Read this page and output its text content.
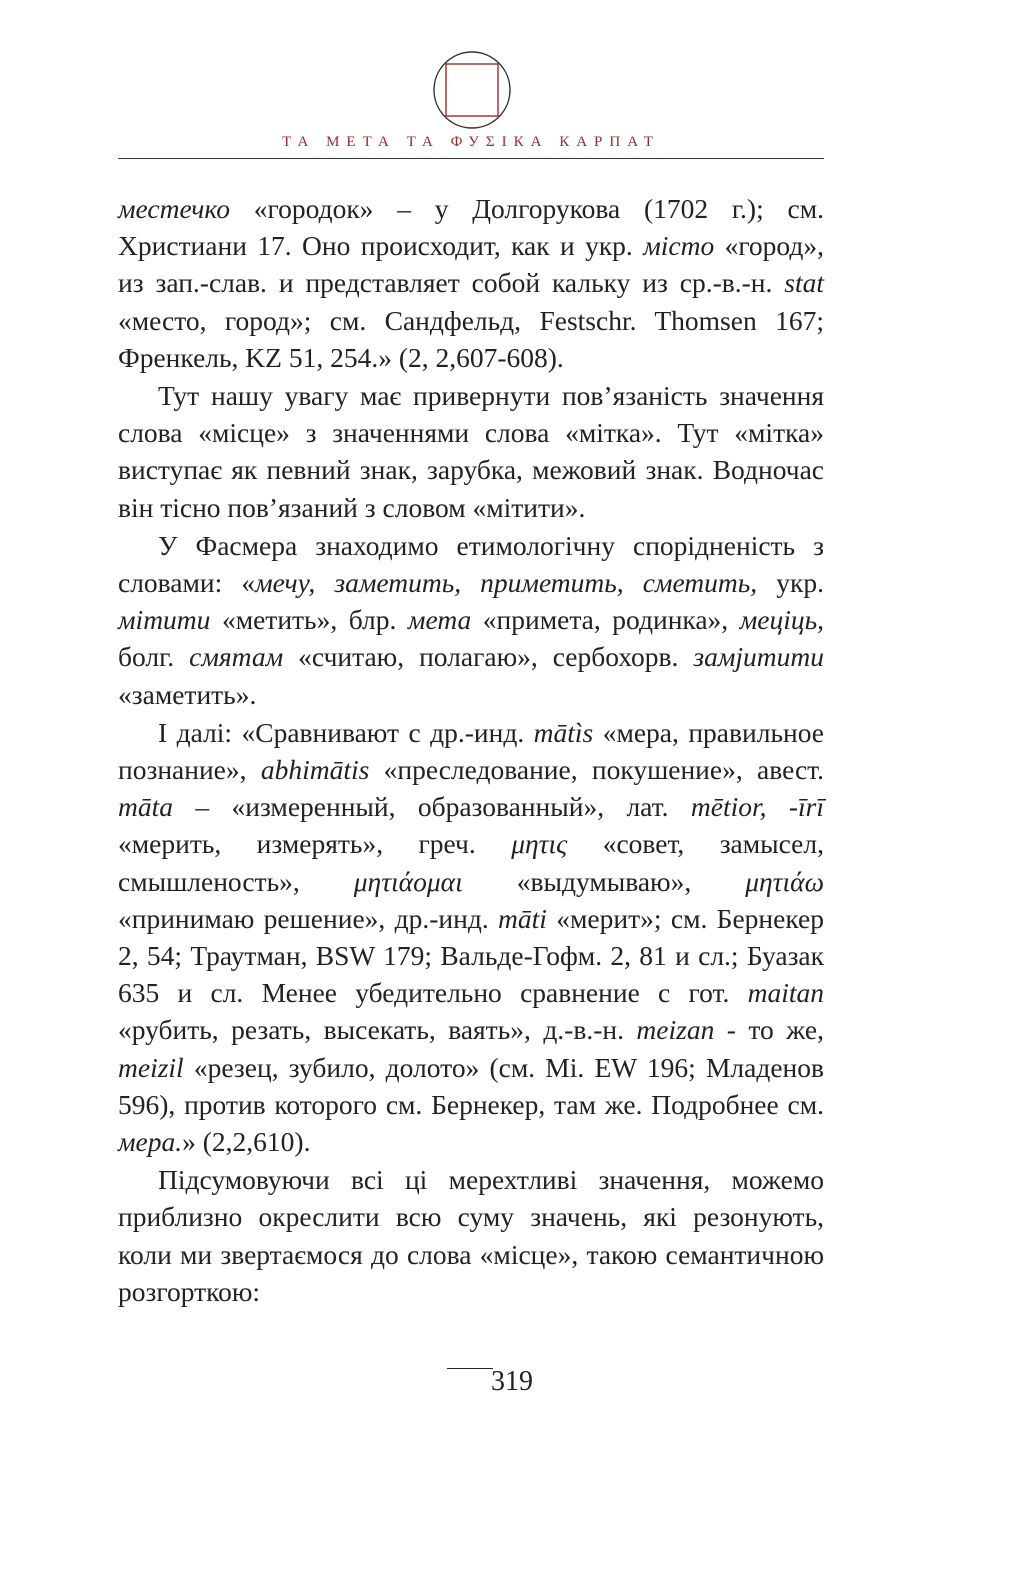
ТА МЕТА ТА ФУΣІКА КАРПАТ

местечко «городок» – у Долгорукова (1702 г.); см. Христиани 17. Оно происходит, как и укр. місто «город», из зап.-слав. и представляет собой кальку из ср.-в.-н. stat «место, город»; см. Сандфельд, Festschr. Thomsen 167; Френкель, KZ 51, 254.» (2, 2,607-608).

Тут нашу увагу має привернути пов’язаність значення слова «місце» з значеннями слова «мітка». Тут «мітка» виступає як певний знак, зарубка, межовий знак. Водночас він тісно пов’язаний з словом «мітити».

У Фасмера знаходимо етимологічну спорідненість з словами: «мечу, заметить, приметить, сметить, укр. мітити «метить», блр. мета «примета, родинка», меціць, болг. смятам «считаю, полагаю», сербохорв. замјитити «заметить».

І далі: «Сравнивают с др.-инд. mātìs «мера, правильное познание», abhimātis «преследование, покушение», авест. māta – «измеренный, образованный», лат. mētior, -īrī «мерить, измерять», греч. μητις «совет, замысел, смышленость», μητιάομαι «выдумываю», μητιάω «принимаю решение», др.-инд. māti «мерит»; см. Бернекер 2, 54; Траутман, BSW 179; Вальде-Гофм. 2, 81 и сл.; Буазак 635 и сл. Менее убедительно сравнение с гот. maitan «рубить, резать, высекать, ваять», д.-в.-н. meizan - то же, meizil «резец, зубило, долото» (см. Mi. EW 196; Младенов 596), против которого см. Бернекер, там же. Подробнее см. мера.» (2,2,610).

Підсумовуючи всі ці мерехтливі значення, можемо приблизно окреслити всю суму значень, які резонують, коли ми звертаємося до слова «місце», такою семантичною розгорткою:

319
